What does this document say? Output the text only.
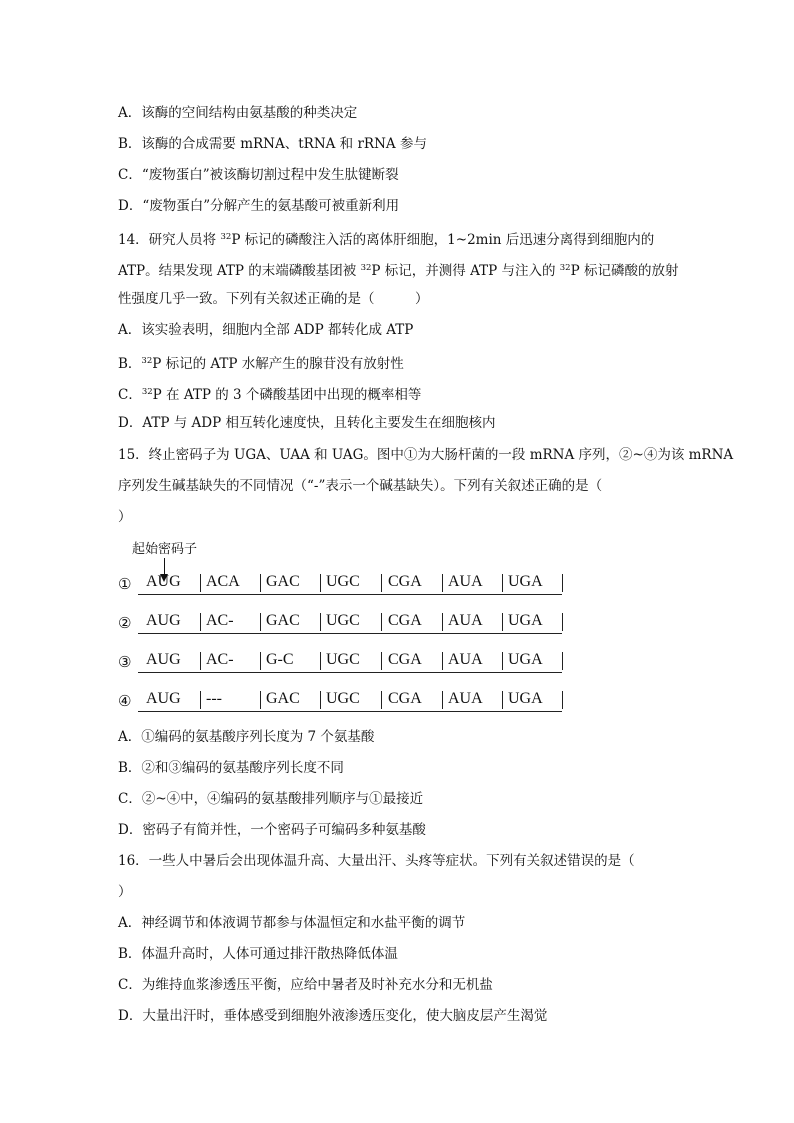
A．该酶的空间结构由氨基酸的种类决定
B．该酶的合成需要 mRNA、tRNA 和 rRNA 参与
C．“废物蛋白”被该酶切割过程中发生肽键断裂
D．“废物蛋白”分解产生的氨基酸可被重新利用
14．研究人员将 $^{32}$P 标记的磷酸注入活的离体肝细胞，1~2min 后迅速分离得到细胞内的
ATP。结果发现 ATP 的末端磷酸基团被 $^{32}$P 标记，并测得 ATP 与注入的 $^{32}$P 标记磷酸的放射
性强度几乎一致。下列有关叙述正确的是（　　　）
A．该实验表明，细胞内全部 ADP 都转化成 ATP
B．$^{32}$P 标记的 ATP 水解产生的腺苷没有放射性
C．$^{32}$P 在 ATP 的 3 个磷酸基团中出现的概率相等
D．ATP 与 ADP 相互转化速度快，且转化主要发生在细胞核内
15．终止密码子为 UGA、UAA 和 UAG。图中①为大肠杆菌的一段 mRNA 序列，②~④为该 mRNA
序列发生碱基缺失的不同情况（“-”表示一个碱基缺失）。下列有关叙述正确的是（
）
起始密码子
① AUG ACA GAC UGC CGA AUA UGA
② AUG AC- GAC UGC CGA AUA UGA
③ AUG AC- G-C UGC CGA AUA UGA
④ AUG ---	GAC UGC CGA AUA UGA
A．①编码的氨基酸序列长度为 7 个氨基酸
B．②和③编码的氨基酸序列长度不同
C．②~④中，④编码的氨基酸排列顺序与①最接近
D．密码子有简并性，一个密码子可编码多种氨基酸
16．一些人中暑后会出现体温升高、大量出汗、头疼等症状。下列有关叙述错误的是（
）
A．神经调节和体液调节都参与体温恒定和水盐平衡的调节
B．体温升高时，人体可通过排汗散热降低体温
C．为维持血浆渗透压平衡，应给中暑者及时补充水分和无机盐
D．大量出汗时，垂体感受到细胞外液渗透压变化，使大脑皮层产生渴觉
